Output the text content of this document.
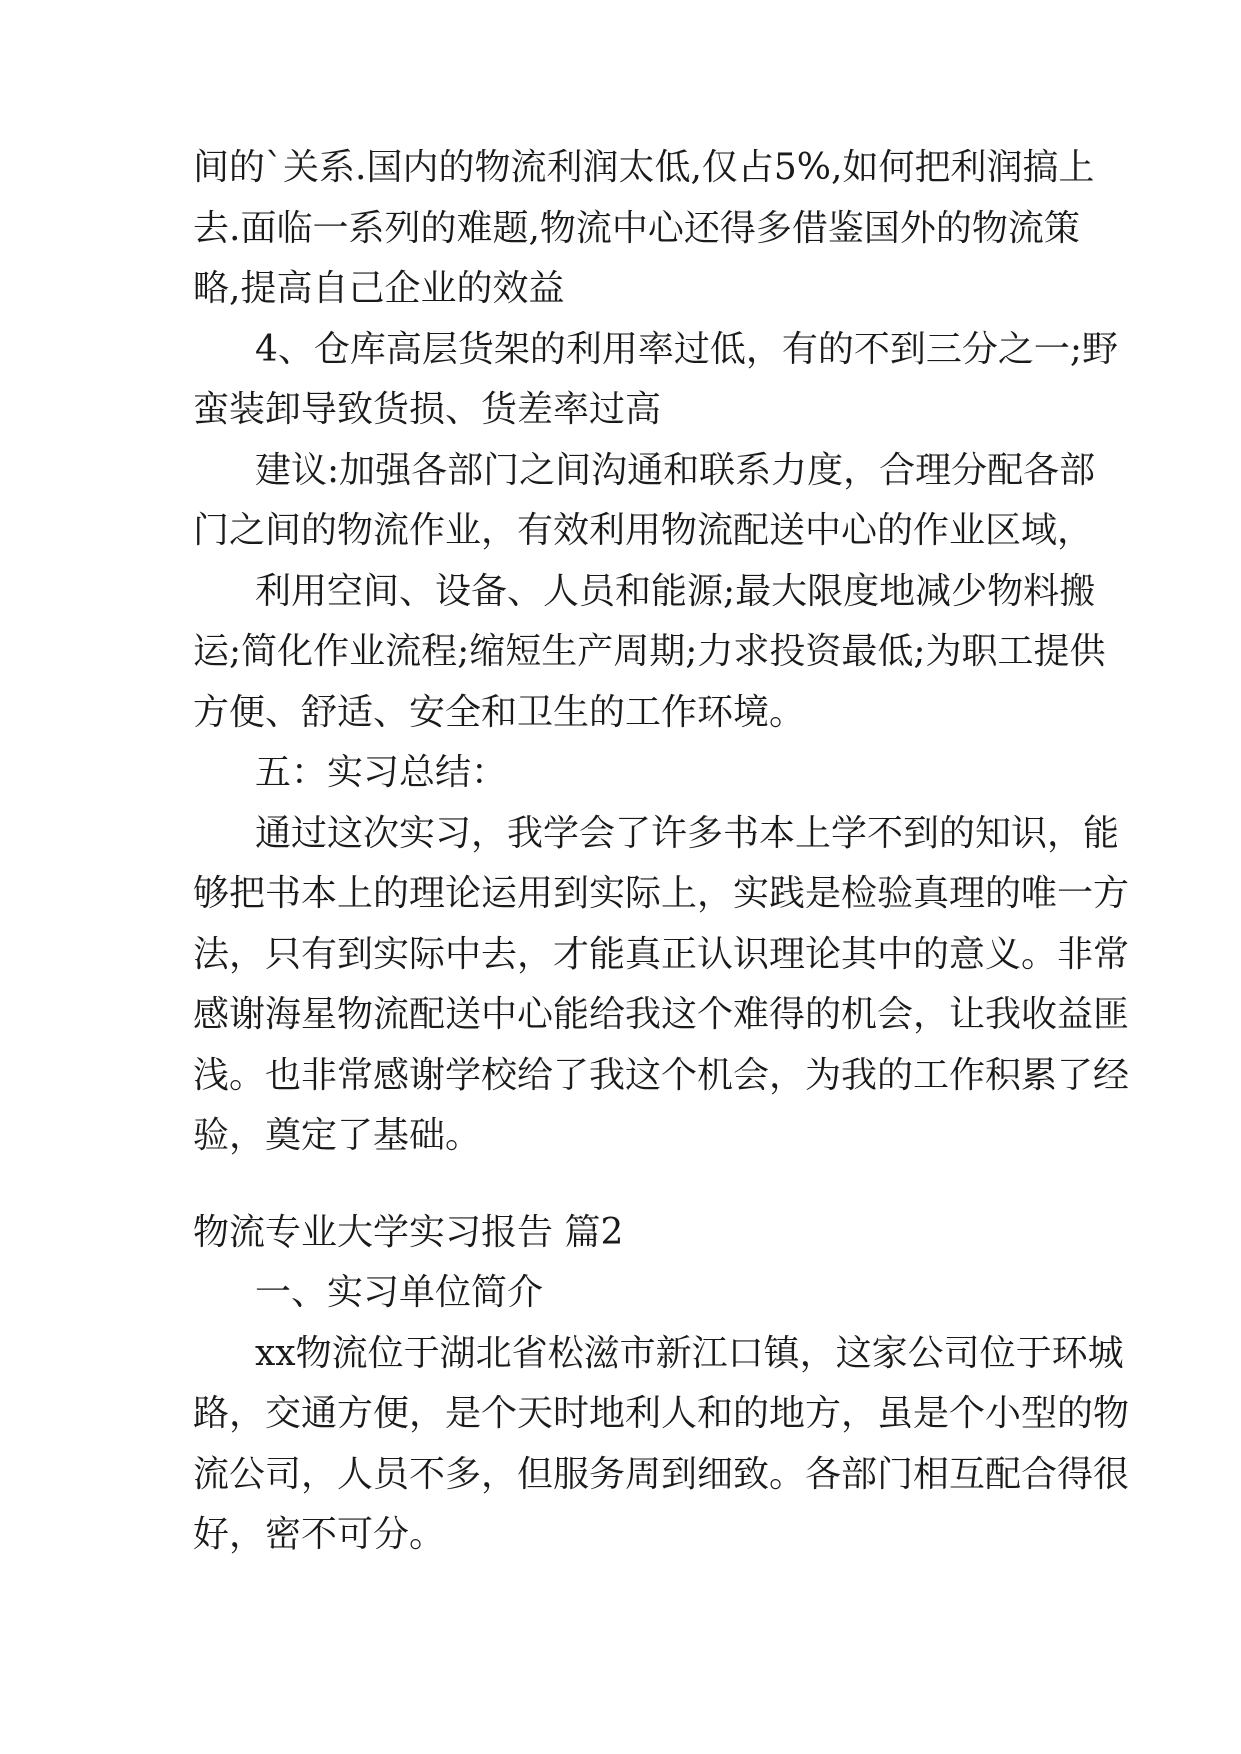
间的`关系.国内的物流利润太低,仅占5%,如何把利润搞上
去.面临一系列的难题,物流中心还得多借鉴国外的物流策
略,提高自己企业的效益
4、仓库高层货架的利用率过低，有的不到三分之一;野
蛮装卸导致货损、货差率过高
建议:加强各部门之间沟通和联系力度，合理分配各部
门之间的物流作业，有效利用物流配送中心的作业区域，
利用空间、设备、人员和能源;最大限度地减少物料搬
运;简化作业流程;缩短生产周期;力求投资最低;为职工提供
方便、舒适、安全和卫生的工作环境。
五：实习总结：
通过这次实习，我学会了许多书本上学不到的知识，能
够把书本上的理论运用到实际上，实践是检验真理的唯一方
法，只有到实际中去，才能真正认识理论其中的意义。非常
感谢海星物流配送中心能给我这个难得的机会，让我收益匪
浅。也非常感谢学校给了我这个机会，为我的工作积累了经
验，奠定了基础。
物流专业大学实习报告 篇2
一、实习单位简介
xx物流位于湖北省松滋市新江口镇，这家公司位于环城
路，交通方便，是个天时地利人和的地方，虽是个小型的物
流公司，人员不多，但服务周到细致。各部门相互配合得很
好，密不可分。
